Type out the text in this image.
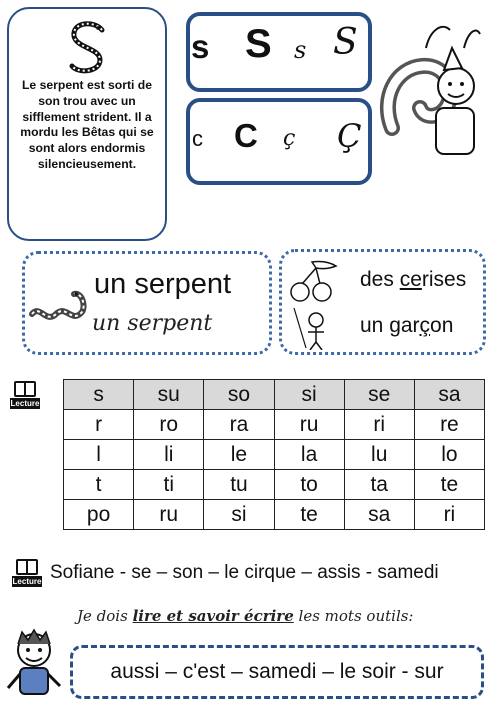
Le serpent est sorti de son trou avec un sifflement strident. Il a mordu les Bêtas qui se sont alors endormis silencieusement.
s S s S
c C ç Ç
un serpent
un serpent
des cerises
un garçon
Lecture	s	su	so	si	se	sa
r	ro	ra	ru	ri	re
l	li	le	la	lu	lo
t	ti	tu	to	ta	te
po	ru	si	te	sa	ri
Lecture Sofiane - se – son – le cirque – assis - samedi
Je dois lire et savoir écrire les mots outils:
aussi – c'est – samedi – le soir - sur
